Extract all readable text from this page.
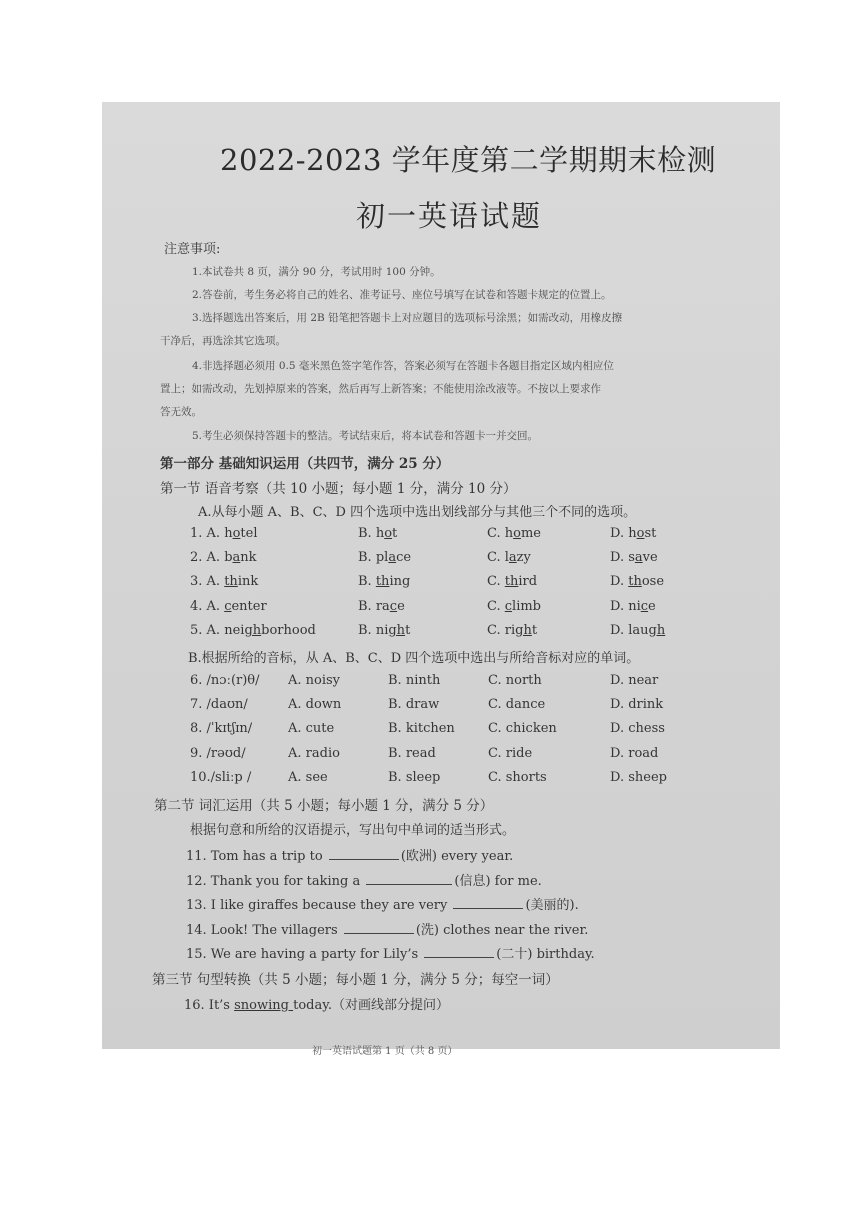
2022-2023 学年度第二学期期末检测
初一英语试题
注意事项:
1.本试卷共 8 页，满分 90 分，考试用时 100 分钟。
2.答卷前，考生务必将自己的姓名、准考证号、座位号填写在试卷和答题卡规定的位置上。
3.选择题选出答案后，用 2B 铅笔把答题卡上对应题目的选项标号涂黑；如需改动，用橡皮擦
干净后，再选涂其它选项。
4.非选择题必须用 0.5 毫米黑色签字笔作答，答案必须写在答题卡各题目指定区域内相应位
置上；如需改动，先划掉原来的答案，然后再写上新答案；不能使用涂改液等。不按以上要求作
答无效。
5.考生必须保持答题卡的整洁。考试结束后，将本试卷和答题卡一并交回。
第一部分 基础知识运用（共四节，满分 25 分）
第一节 语音考察（共 10 小题；每小题 1 分，满分 10 分）
A.从每小题 A、B、C、D 四个选项中选出划线部分与其他三个不同的选项。
1. A. hotel	B. hot	C. home	D. host
2. A. bank	B. place	C. lazy	D. save
3. A. think	B. thing	C. third	D. those
4. A. center	B. race	C. climb	D. nice
5. A. neighborhood	B. night	C. right	D. laugh
B.根据所给的音标，从 A、B、C、D 四个选项中选出与所给音标对应的单词。
6. /nɔː(r)θ/ A. noisy	B. ninth	C. north	D. near
7. /daʊn/	A. down	B. draw	C. dance	D. drink
8. /ˈkɪtʃɪn/	A. cute	B. kitchen	C. chicken	D. chess
9. /rəʊd/	A. radio	B. read	C. ride	D. road
10./sliːp /	A. see	B. sleep	C. shorts	D. sheep
第二节 词汇运用（共 5 小题；每小题 1 分，满分 5 分）
根据句意和所给的汉语提示，写出句中单词的适当形式。
11. Tom has a trip to	(欧洲) every year.
12. Thank you for taking a	(信息) for me.
13. I like giraffes because they are very	(美丽的).
14. Look! The villagers	(洗) clothes near the river.
15. We are having a party for Lily’s	(二十) birthday.
第三节 句型转换（共 5 小题；每小题 1 分，满分 5 分；每空一词）
16. It’s snowing today.（对画线部分提问）
初一英语试题第 1 页（共 8 页）
